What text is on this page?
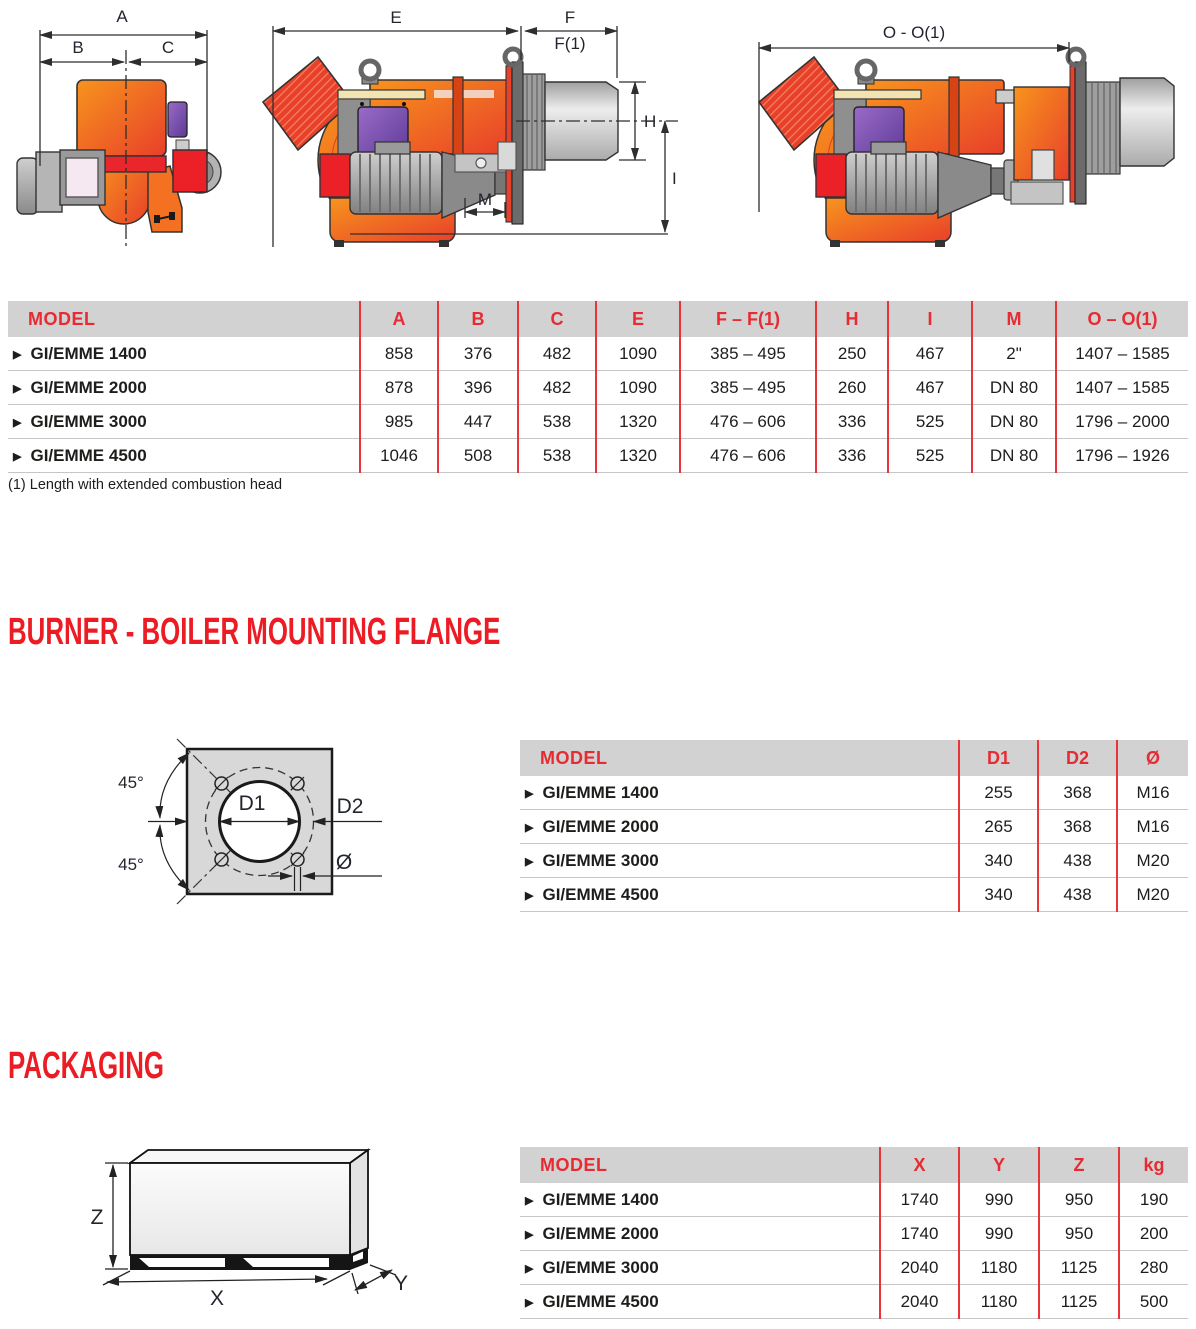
A
B	C
E	F
F(1)
H
I
M
O - O(1)
MODEL	A	B	C	E	F – F(1)	H	I	M	O – O(1)
▶ GI/EMME 1400	858	376	482	1090	385 – 495	250	467	2"	1407 – 1585
▶ GI/EMME 2000	878	396	482	1090	385 – 495	260	467	DN 80	1407 – 1585
▶ GI/EMME 3000	985	447	538	1320	476 – 606	336	525	DN 80	1796 – 2000
▶ GI/EMME 4500	1046	508	538	1320	476 – 606	336	525	DN 80	1796 – 1926
(1) Length with extended combustion head
BURNER - BOILER MOUNTING FLANGE
D1	D2
45°
45°	Ø
MODEL	D1	D2	Ø
▶ GI/EMME 1400	255	368	M16
▶ GI/EMME 2000	265	368	M16
▶ GI/EMME 3000	340	438	M20
▶ GI/EMME 4500	340	438	M20
PACKAGING
Z
X
Y
MODEL	X	Y	Z	kg
▶ GI/EMME 1400	1740	990	950	190
▶ GI/EMME 2000	1740	990	950	200
▶ GI/EMME 3000	2040	1180	1125	280
▶ GI/EMME 4500	2040	1180	1125	500
